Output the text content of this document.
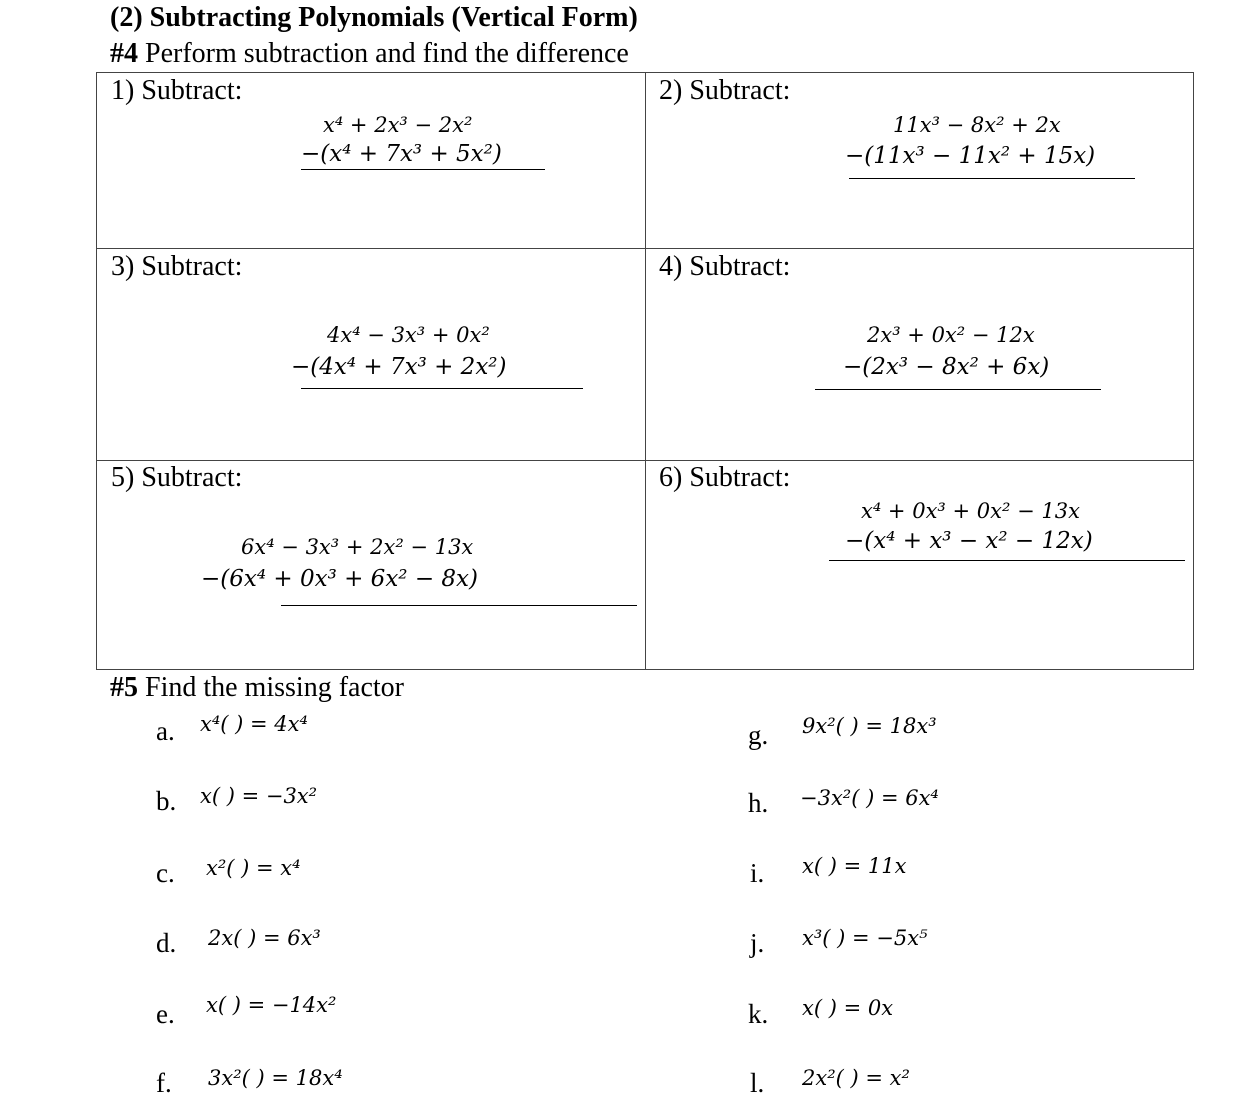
(2) Subtracting Polynomials (Vertical Form)
#4 Perform subtraction and find the difference
1) Subtract:
x⁴ + 2x³ − 2x²
−(x⁴ + 7x³ + 5x²)
2) Subtract:
11x³ − 8x² + 2x
−(11x³ − 11x² + 15x)
3) Subtract:
4x⁴ − 3x³ + 0x²
−(4x⁴ + 7x³ + 2x²)
4) Subtract:
2x³ + 0x² − 12x
−(2x³ − 8x² + 6x)
5) Subtract:
6x⁴ − 3x³ + 2x² − 13x
−(6x⁴ + 0x³ + 6x² − 8x)
6) Subtract:
x⁴ + 0x³ + 0x² − 13x
−(x⁴ + x³ − x² − 12x)
#5 Find the missing factor
a. x⁴( ) = 4x⁴
b. x( ) = −3x²
c. x²( ) = x⁴
d. 2x( ) = 6x³
e. x( ) = −14x²
f. 3x²( ) = 18x⁴
g. 9x²( ) = 18x³
h. −3x²( ) = 6x⁴
i. x( ) = 11x
j. x³( ) = −5x⁵
k. x( ) = 0x
l. 2x²( ) = x²
